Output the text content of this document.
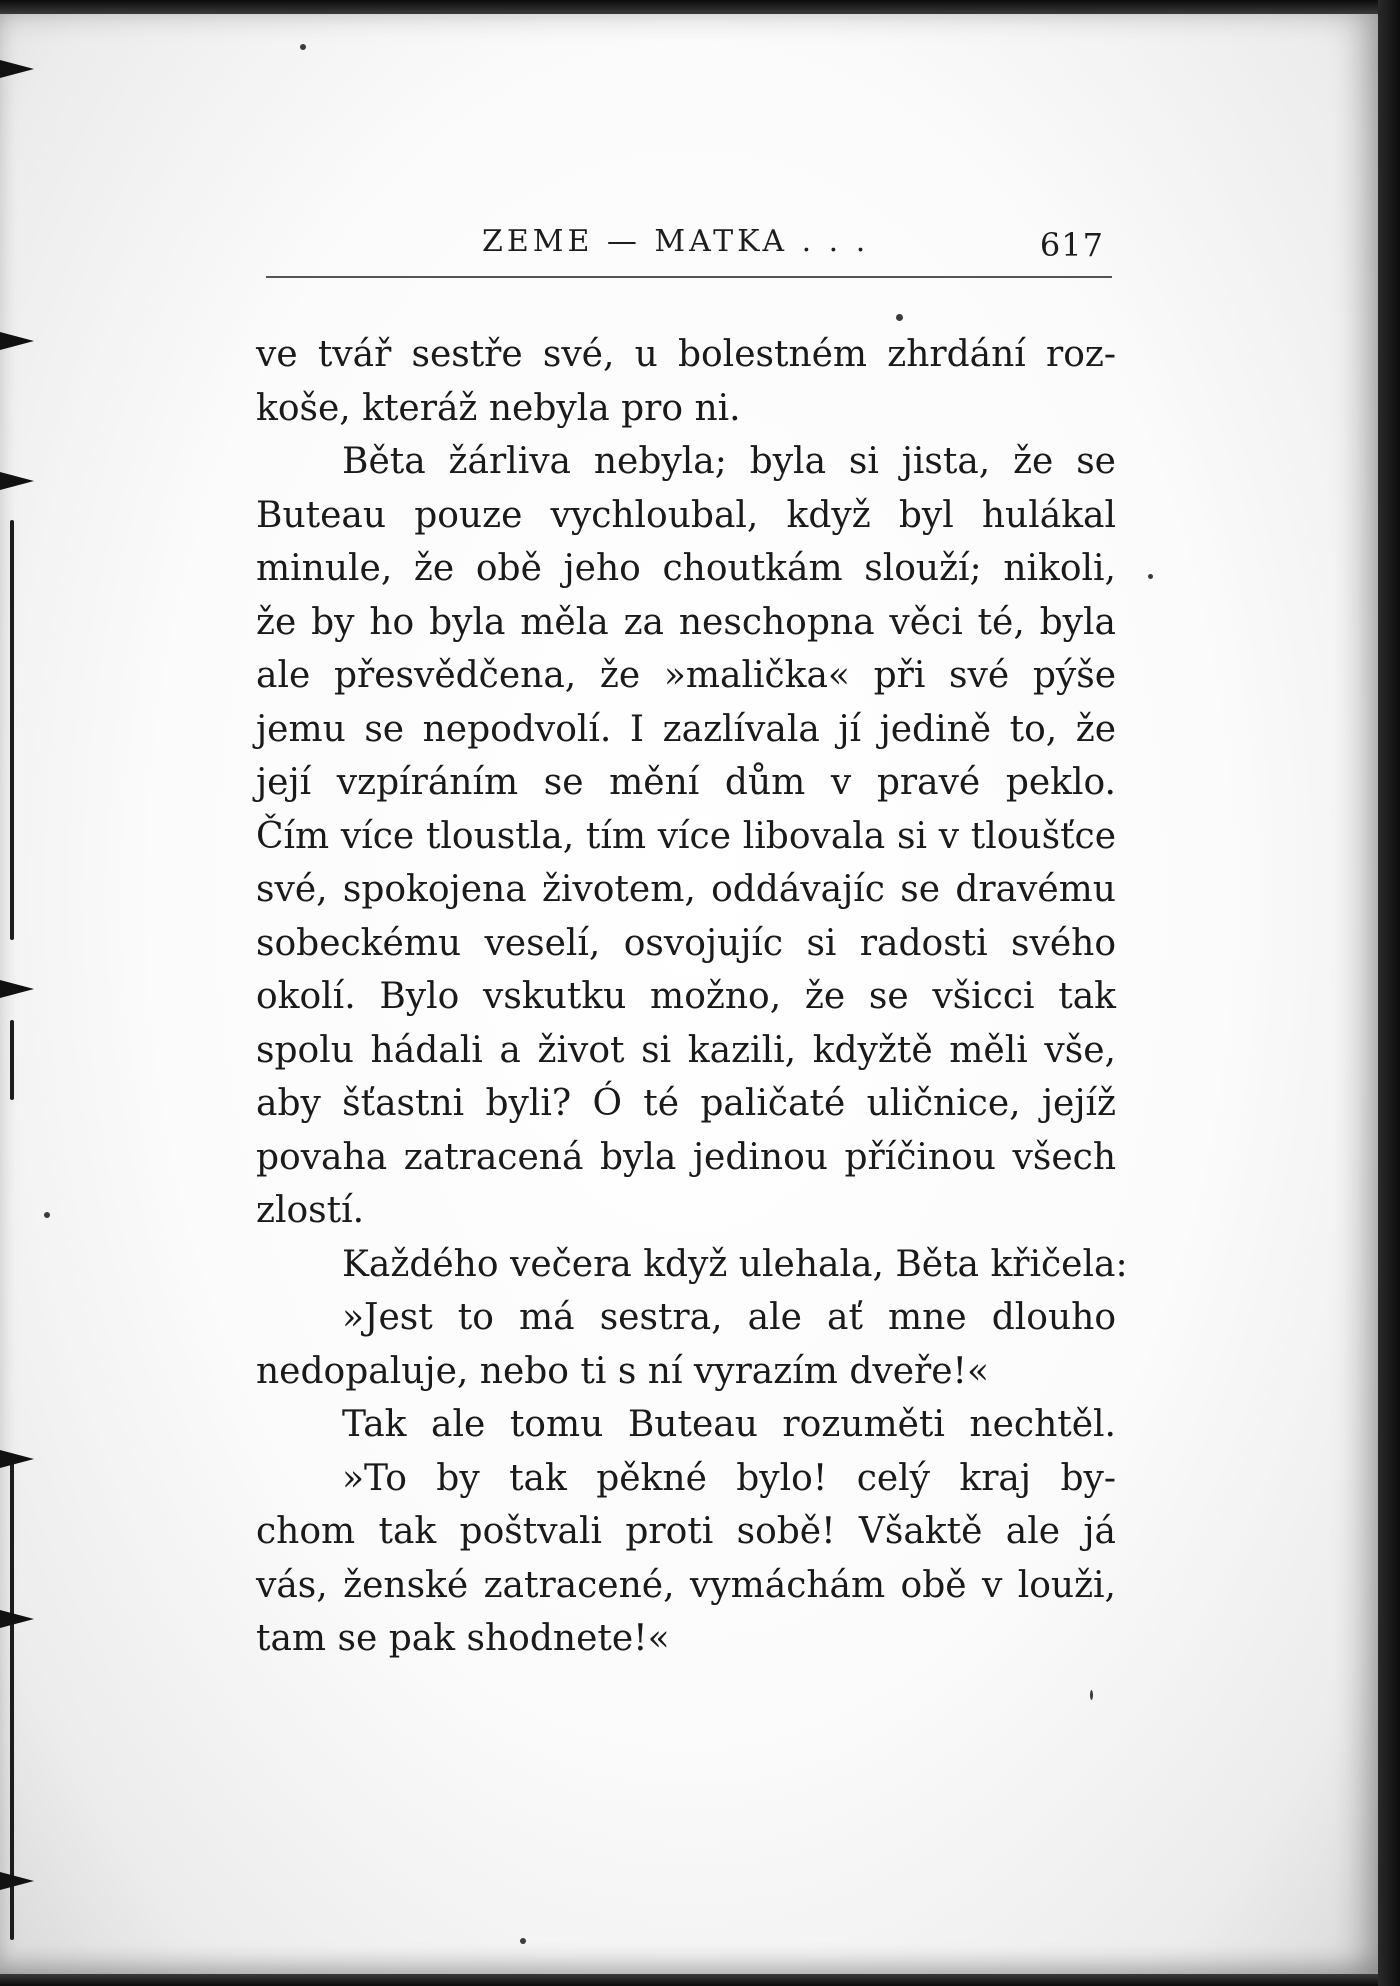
ZEME — MATKA . . .	617
ve tvář sestře své, u bolestném zhrdání roz-
koše, kteráž nebyla pro ni.
Běta žárliva nebyla; byla si jista, že se
Buteau pouze vychloubal, když byl hulákal
minule, že obě jeho choutkám slouží; nikoli,
že by ho byla měla za neschopna věci té, byla
ale přesvědčena, že »malička« při své pýše
jemu se nepodvolí. I zazlívala jí jedině to, že
její vzpíráním se mění dům v pravé peklo.
Čím více tloustla, tím více libovala si v tloušťce
své, spokojena životem, oddávajíc se dravému
sobeckému veselí, osvojujíc si radosti svého
okolí. Bylo vskutku možno, že se všicci tak
spolu hádali a život si kazili, kdyžtě měli vše,
aby šťastni byli? Ó té paličaté uličnice, jejíž
povaha zatracená byla jedinou příčinou všech
zlostí.
Každého večera když ulehala, Běta křičela:
»Jest to má sestra, ale ať mne dlouho
nedopaluje, nebo ti s ní vyrazím dveře!«
Tak ale tomu Buteau rozuměti nechtěl.
»To by tak pěkné bylo! celý kraj by-
chom tak poštvali proti sobě! Všaktě ale já
vás, ženské zatracené, vymáchám obě v louži,
tam se pak shodnete!«
